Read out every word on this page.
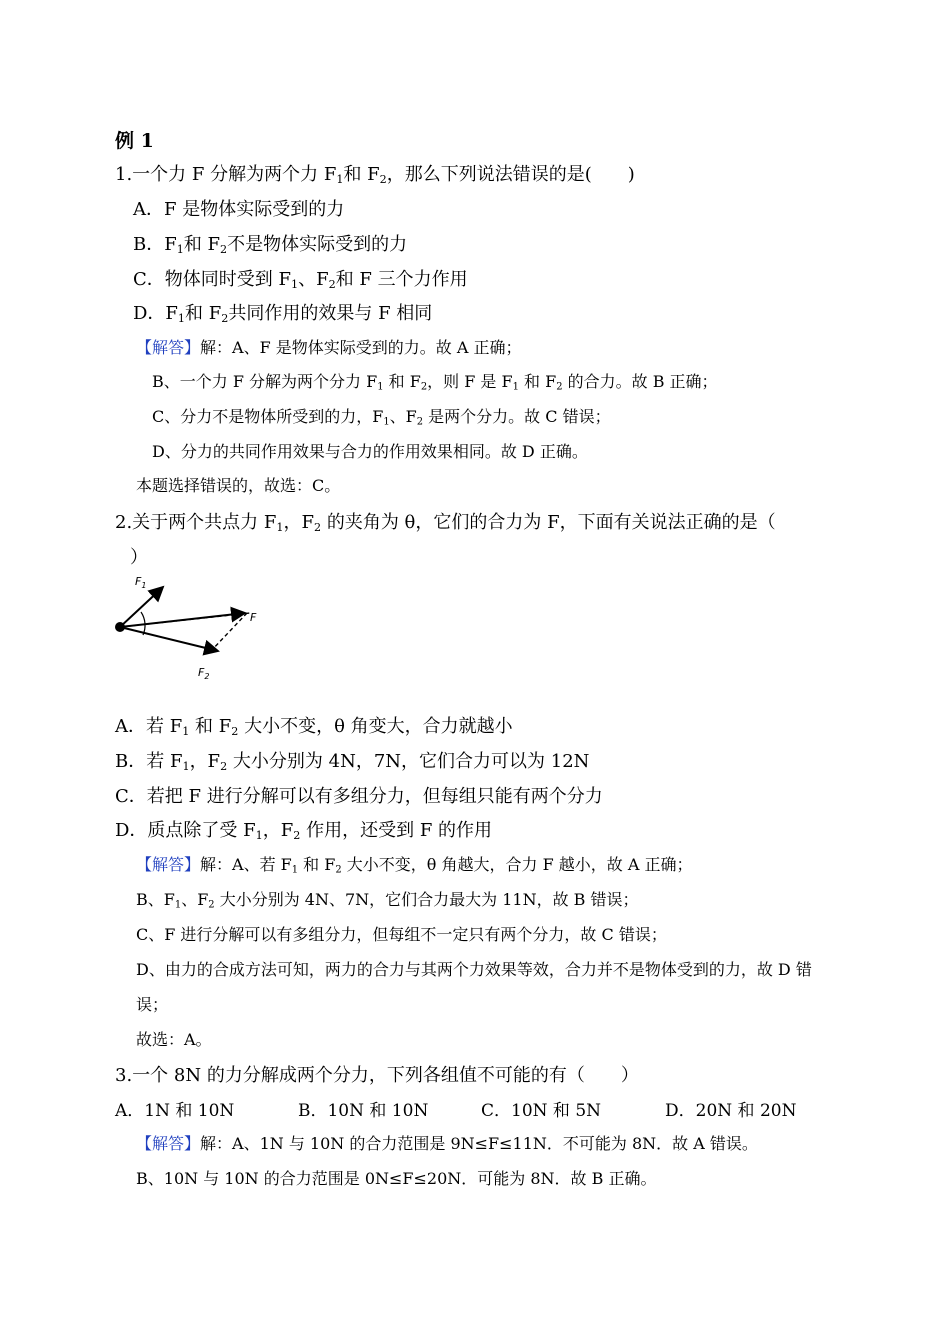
例 1
1.一个力 F 分解为两个力 $F_1$和 $F_2$，那么下列说法错误的是(　　)
A．F 是物体实际受到的力
B．$F_1$和 $F_2$不是物体实际受到的力
C．物体同时受到 $F_1$、$F_2$和 F 三个力作用
D．$F_1$和 $F_2$共同作用的效果与 F 相同
【解答】解：A、F 是物体实际受到的力。故 A 正确；
B、一个力 F 分解为两个分力 $F_1$ 和 $F_2$，则 F 是 $F_1$ 和 $F_2$ 的合力。故 B 正确；
C、分力不是物体所受到的力，$F_1$、$F_2$ 是两个分力。故 C 错误；
D、分力的共同作用效果与合力的作用效果相同。故 D 正确。
本题选择错误的，故选：C。
2.关于两个共点力 $F_1$，$F_2$ 的夹角为 θ，它们的合力为 F，下面有关说法正确的是（
）
$F_1$
F
$F_2$
A．若 $F_1$ 和 $F_2$ 大小不变，θ 角变大，合力就越小
B．若 $F_1$，$F_2$ 大小分别为 4N，7N，它们合力可以为 12N
C．若把 F 进行分解可以有多组分力，但每组只能有两个分力
D．质点除了受 $F_1$，$F_2$ 作用，还受到 F 的作用
【解答】解：A、若 $F_1$ 和 $F_2$ 大小不变，θ 角越大，合力 F 越小，故 A 正确；
B、$F_1$、$F_2$ 大小分别为 4N、7N，它们合力最大为 11N，故 B 错误；
C、F 进行分解可以有多组分力，但每组不一定只有两个分力，故 C 错误；
D、由力的合成方法可知，两力的合力与其两个力效果等效，合力并不是物体受到的力，故 D 错
误；
故选：A。
3.一个 8N 的力分解成两个分力，下列各组值不可能的有（　　）
A．1N 和 10N	B．10N 和 10N	C．10N 和 5N	D．20N 和 20N
【解答】解：A、1N 与 10N 的合力范围是 9N≤F≤11N．不可能为 8N．故 A 错误。
B、10N 与 10N 的合力范围是 0N≤F≤20N．可能为 8N．故 B 正确。
